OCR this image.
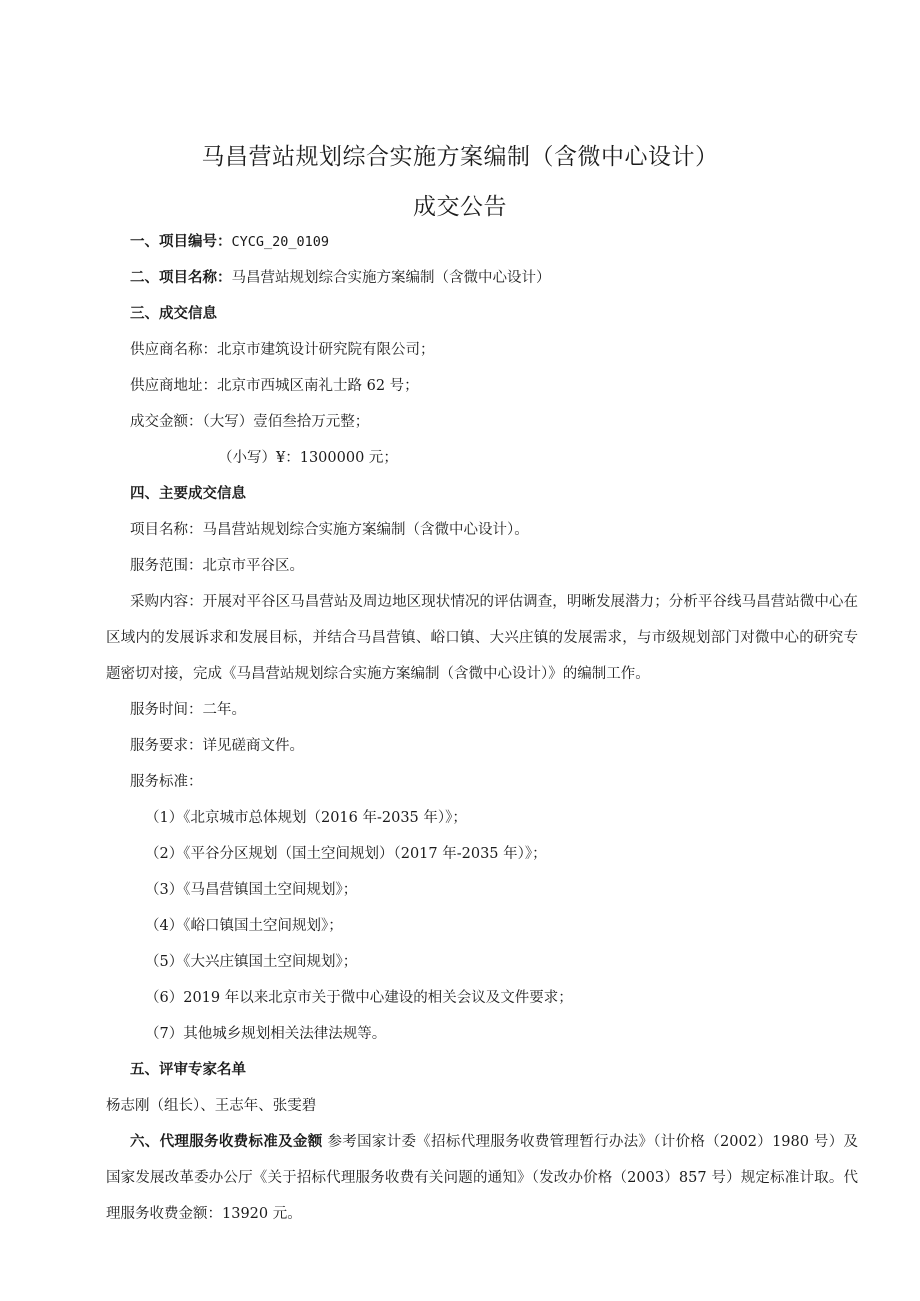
马昌营站规划综合实施方案编制（含微中心设计）
成交公告

一、项目编号：CYCG_20_0109

二、项目名称：马昌营站规划综合实施方案编制（含微中心设计）

三、成交信息

供应商名称：北京市建筑设计研究院有限公司；

供应商地址：北京市西城区南礼士路 62 号；

成交金额：（大写）壹佰叁拾万元整；

（小写）¥：1300000 元；

四、主要成交信息

项目名称：马昌营站规划综合实施方案编制（含微中心设计）。

服务范围：北京市平谷区。

采购内容：开展对平谷区马昌营站及周边地区现状情况的评估调查，明晰发展潜力；分析平谷线马昌营站微中心在区域内的发展诉求和发展目标，并结合马昌营镇、峪口镇、大兴庄镇的发展需求，与市级规划部门对微中心的研究专题密切对接，完成《马昌营站规划综合实施方案编制（含微中心设计）》的编制工作。

服务时间：二年。

服务要求：详见磋商文件。

服务标准：

（1）《北京城市总体规划（2016 年-2035 年）》；

（2）《平谷分区规划（国土空间规划）（2017 年-2035 年）》；

（3）《马昌营镇国土空间规划》；

（4）《峪口镇国土空间规划》；

（5）《大兴庄镇国土空间规划》；

（6）2019 年以来北京市关于微中心建设的相关会议及文件要求；

（7）其他城乡规划相关法律法规等。

五、评审专家名单

杨志刚（组长）、王志年、张雯碧

六、代理服务收费标准及金额 参考国家计委《招标代理服务收费管理暂行办法》（计价格（2002）1980 号）及国家发展改革委办公厅《关于招标代理服务收费有关问题的通知》（发改办价格（2003）857 号）规定标准计取。代理服务收费金额：13920 元。
